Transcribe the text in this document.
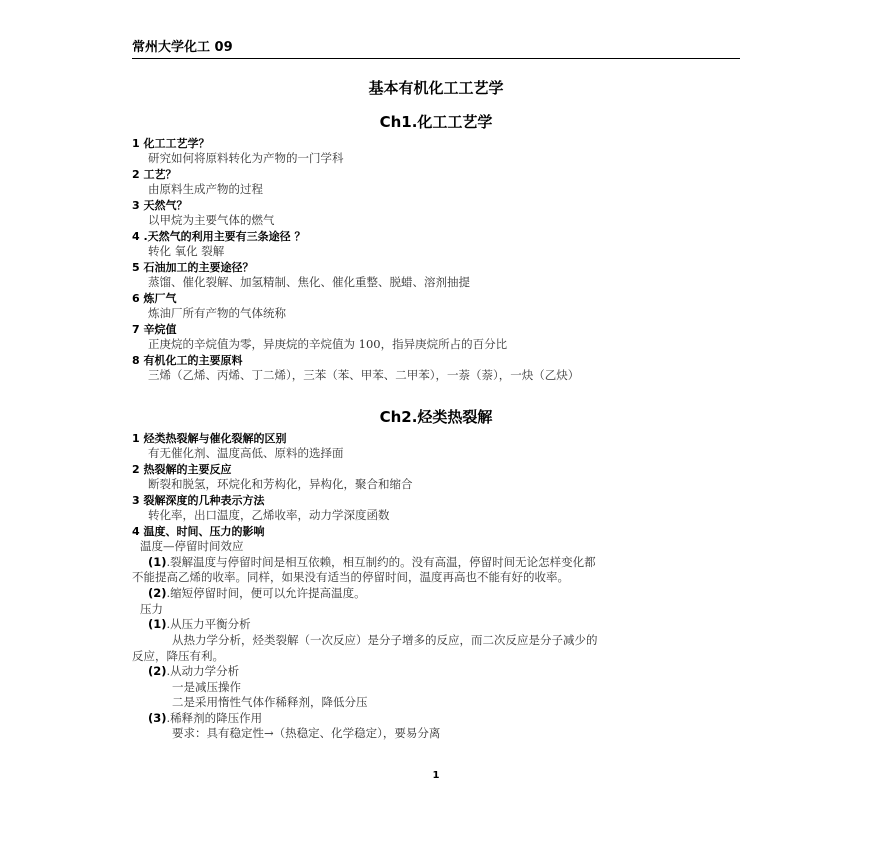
常州大学化工 09
基本有机化工工艺学
Ch1.化工工艺学
1 化工工艺学？
研究如何将原料转化为产物的一门学科
2 工艺？
由原料生成产物的过程
3 天然气？
以甲烷为主要气体的燃气
4 .天然气的利用主要有三条途径 ？
转化 氧化 裂解
5 石油加工的主要途径？
蒸馏、催化裂解、加氢精制、焦化、催化重整、脱蜡、溶剂抽提
6 炼厂气
炼油厂所有产物的气体统称
7 辛烷值
正庚烷的辛烷值为零，异庚烷的辛烷值为 100，指异庚烷所占的百分比
8 有机化工的主要原料
三烯（乙烯、丙烯、丁二烯），三苯（苯、甲苯、二甲苯），一萘（萘），一炔（乙炔）
Ch2.烃类热裂解
1 烃类热裂解与催化裂解的区别
有无催化剂、温度高低、原料的选择面
2 热裂解的主要反应
断裂和脱氢，环烷化和芳构化，异构化，聚合和缩合
3 裂解深度的几种表示方法
转化率，出口温度，乙烯收率，动力学深度函数
4 温度、时间、压力的影响
温度—停留时间效应
(1).裂解温度与停留时间是相互依赖，相互制约的。没有高温，停留时间无论怎样变化都
不能提高乙烯的收率。同样，如果没有适当的停留时间，温度再高也不能有好的收率。
(2).缩短停留时间，便可以允许提高温度。
压力
(1).从压力平衡分析
从热力学分析，烃类裂解（一次反应）是分子增多的反应，而二次反应是分子减少的
反应，降压有利。
(2).从动力学分析
一是减压操作
二是采用惰性气体作稀释剂，降低分压
(3).稀释剂的降压作用
要求：具有稳定性→（热稳定、化学稳定），要易分离
1
